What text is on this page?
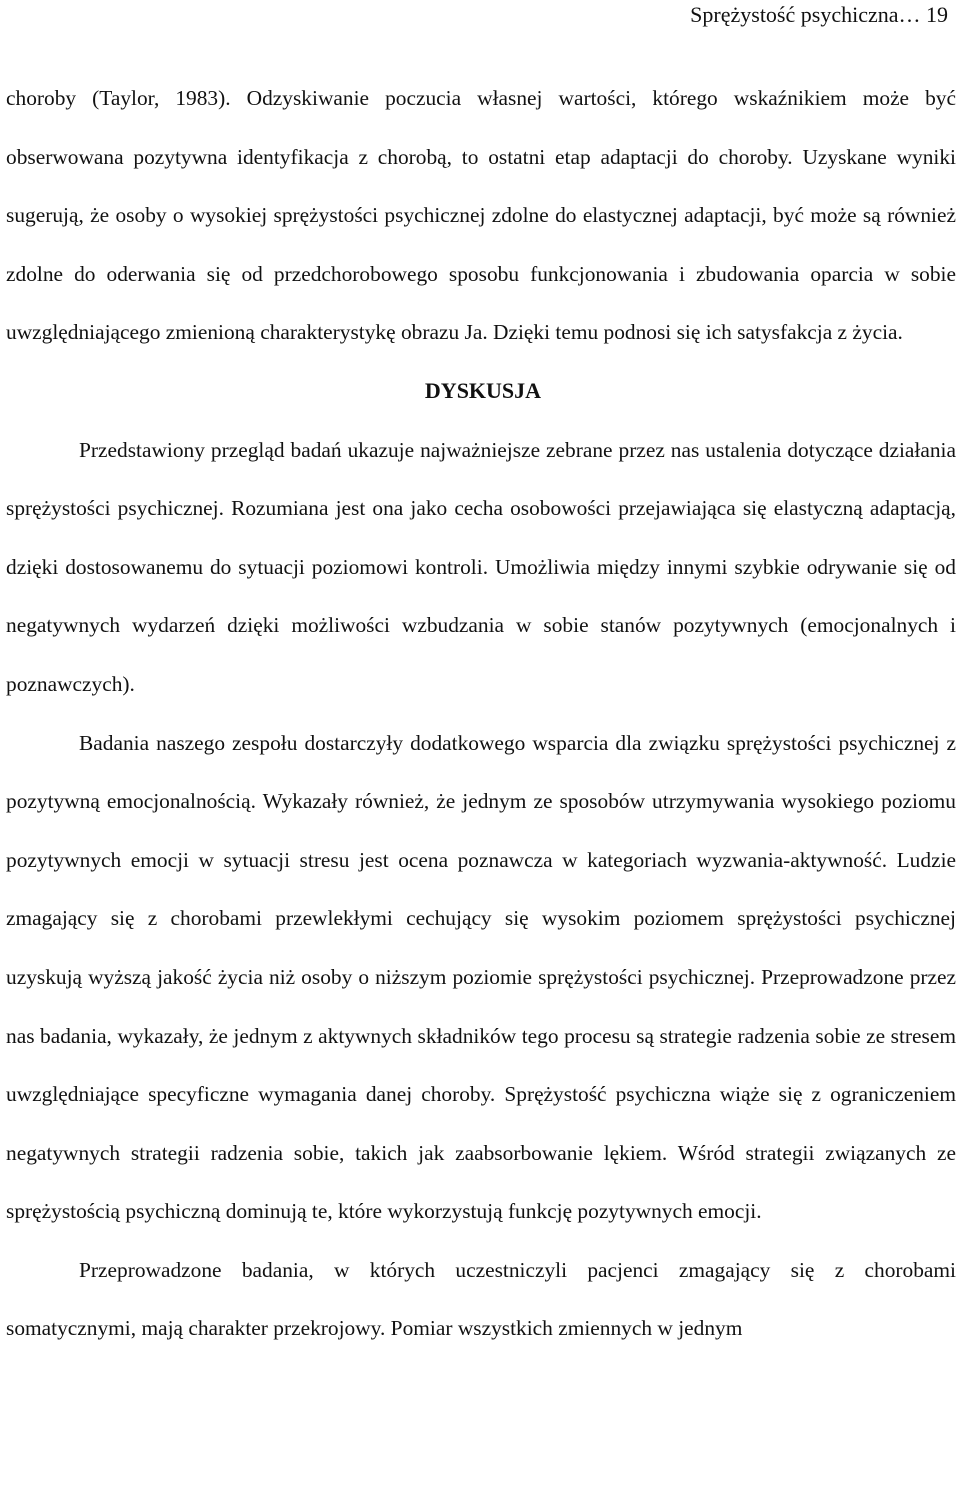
Sprężystość psychiczna… 19

choroby (Taylor, 1983). Odzyskiwanie poczucia własnej wartości, którego wskaźnikiem może być obserwowana pozytywna identyfikacja z chorobą, to ostatni etap adaptacji do choroby. Uzyskane wyniki sugerują, że osoby o wysokiej sprężystości psychicznej zdolne do elastycznej adaptacji, być może są również zdolne do oderwania się od przedchorobowego sposobu funkcjonowania i zbudowania oparcia w sobie uwzględniającego zmienioną charakterystykę obrazu Ja. Dzięki temu podnosi się ich satysfakcja z życia.

DYSKUSJA

Przedstawiony przegląd badań ukazuje najważniejsze zebrane przez nas ustalenia dotyczące działania sprężystości psychicznej. Rozumiana jest ona jako cecha osobowości przejawiająca się elastyczną adaptacją, dzięki dostosowanemu do sytuacji poziomowi kontroli. Umożliwia między innymi szybkie odrywanie się od negatywnych wydarzeń dzięki możliwości wzbudzania w sobie stanów pozytywnych (emocjonalnych i poznawczych).

Badania naszego zespołu dostarczyły dodatkowego wsparcia dla związku sprężystości psychicznej z pozytywną emocjonalnością. Wykazały również, że jednym ze sposobów utrzymywania wysokiego poziomu pozytywnych emocji w sytuacji stresu jest ocena poznawcza w kategoriach wyzwania-aktywność. Ludzie zmagający się z chorobami przewlekłymi cechujący się wysokim poziomem sprężystości psychicznej uzyskują wyższą jakość życia niż osoby o niższym poziomie sprężystości psychicznej. Przeprowadzone przez nas badania, wykazały, że jednym z aktywnych składników tego procesu są strategie radzenia sobie ze stresem uwzględniające specyficzne wymagania danej choroby. Sprężystość psychiczna wiąże się z ograniczeniem negatywnych strategii radzenia sobie, takich jak zaabsorbowanie lękiem. Wśród strategii związanych ze sprężystością psychiczną dominują te, które wykorzystują funkcję pozytywnych emocji.

Przeprowadzone badania, w których uczestniczyli pacjenci zmagający się z chorobami somatycznymi, mają charakter przekrojowy. Pomiar wszystkich zmiennych w jednym
